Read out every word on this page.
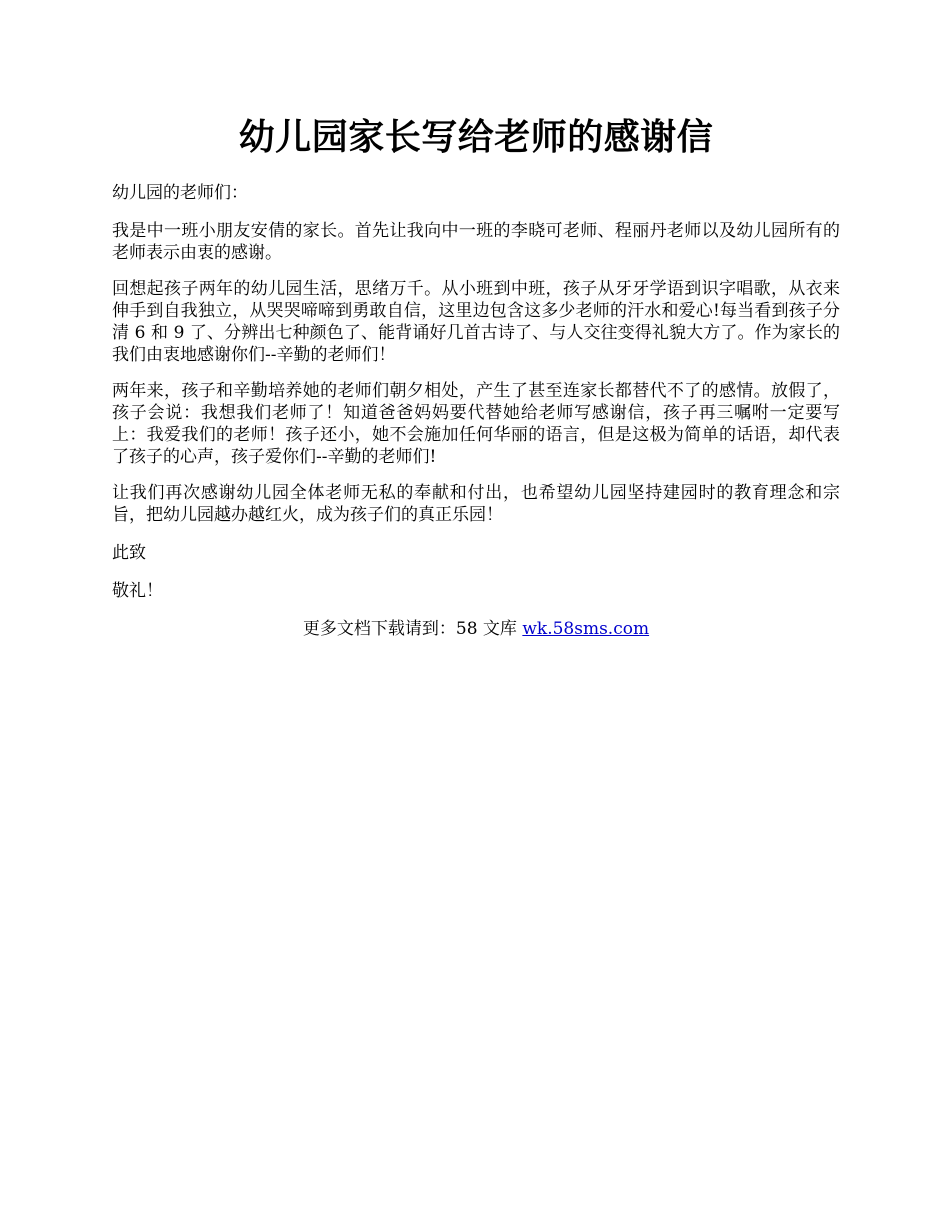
幼儿园家长写给老师的感谢信

幼儿园的老师们：

我是中一班小朋友安倩的家长。首先让我向中一班的李晓可老师、程丽丹老师以及幼儿园所有的老师表示由衷的感谢。

回想起孩子两年的幼儿园生活，思绪万千。从小班到中班，孩子从牙牙学语到识字唱歌，从衣来伸手到自我独立，从哭哭啼啼到勇敢自信，这里边包含这多少老师的汗水和爱心!每当看到孩子分清 6 和 9 了、分辨出七种颜色了、能背诵好几首古诗了、与人交往变得礼貌大方了。作为家长的我们由衷地感谢你们--辛勤的老师们！

两年来，孩子和辛勤培养她的老师们朝夕相处，产生了甚至连家长都替代不了的感情。放假了，孩子会说：我想我们老师了！知道爸爸妈妈要代替她给老师写感谢信，孩子再三嘱咐一定要写上：我爱我们的老师！孩子还小，她不会施加任何华丽的语言，但是这极为简单的话语，却代表了孩子的心声，孩子爱你们--辛勤的老师们!

让我们再次感谢幼儿园全体老师无私的奉献和付出，也希望幼儿园坚持建园时的教育理念和宗旨，把幼儿园越办越红火，成为孩子们的真正乐园！

此致

敬礼！

更多文档下载请到：58 文库 wk.58sms.com
